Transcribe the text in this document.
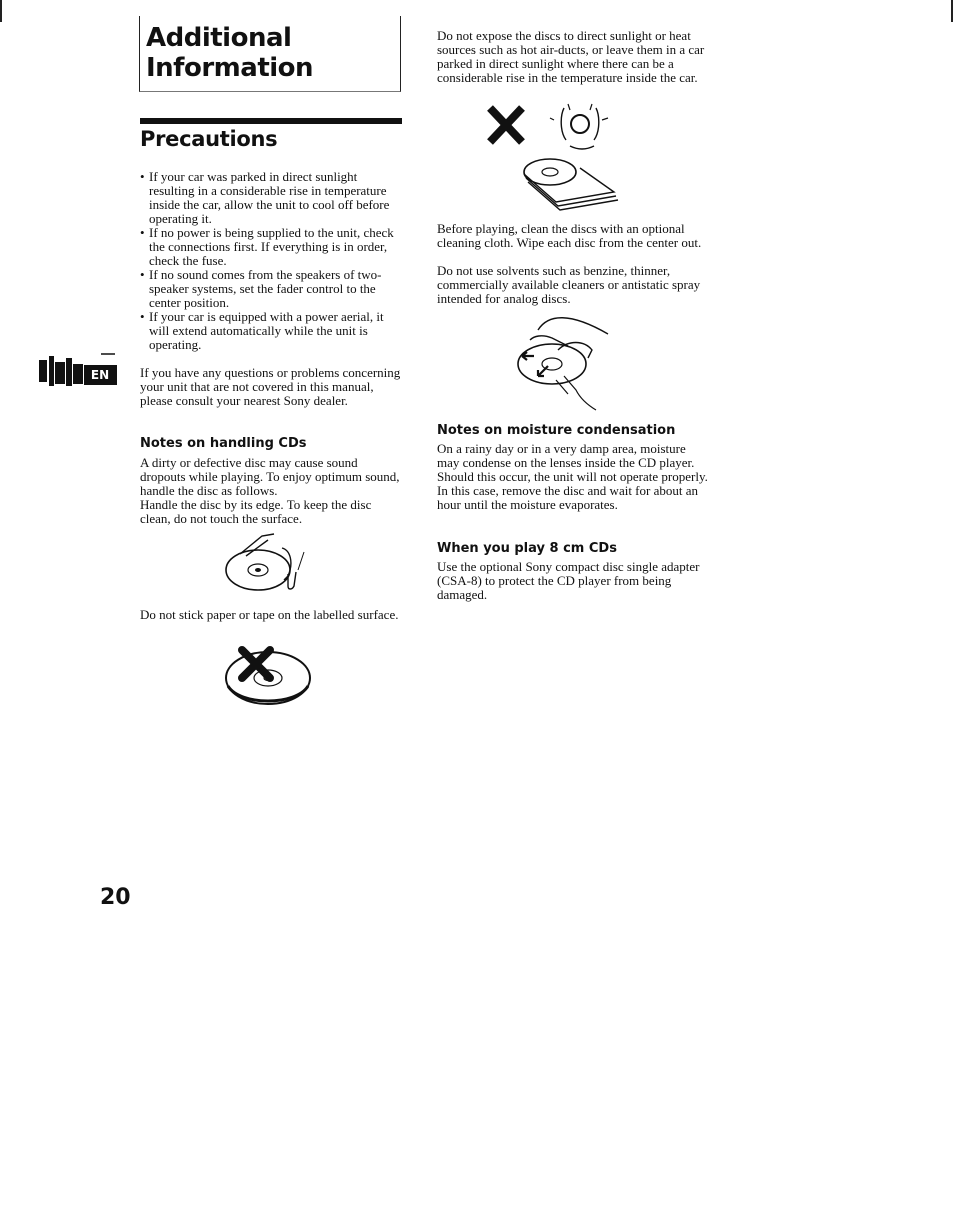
Additional
Information
Precautions
• If your car was parked in direct sunlight resulting in a considerable rise in temperature inside the car, allow the unit to cool off before operating it.
• If no power is being supplied to the unit, check the connections first. If everything is in order, check the fuse.
• If no sound comes from the speakers of two-speaker systems, set the fader control to the center position.
• If your car is equipped with a power aerial, it will extend automatically while the unit is operating.

If you have any questions or problems concerning your unit that are not covered in this manual, please consult your nearest Sony dealer.

EN
Notes on handling CDs

A dirty or defective disc may cause sound dropouts while playing. To enjoy optimum sound, handle the disc as follows.

Handle the disc by its edge. To keep the disc clean, do not touch the surface.

Do not stick paper or tape on the labelled surface.

Do not expose the discs to direct sunlight or heat sources such as hot air-ducts, or leave them in a car parked in direct sunlight where there can be a considerable rise in the temperature inside the car.

Before playing, clean the discs with an optional cleaning cloth. Wipe each disc from the center out.

Do not use solvents such as benzine, thinner, commercially available cleaners or antistatic spray intended for analog discs.

Notes on moisture condensation

On a rainy day or in a very damp area, moisture may condense on the lenses inside the CD player. Should this occur, the unit will not operate properly. In this case, remove the disc and wait for about an hour until the moisture evaporates.

When you play 8 cm CDs

Use the optional Sony compact disc single adapter (CSA-8) to protect the CD player from being damaged.

20
